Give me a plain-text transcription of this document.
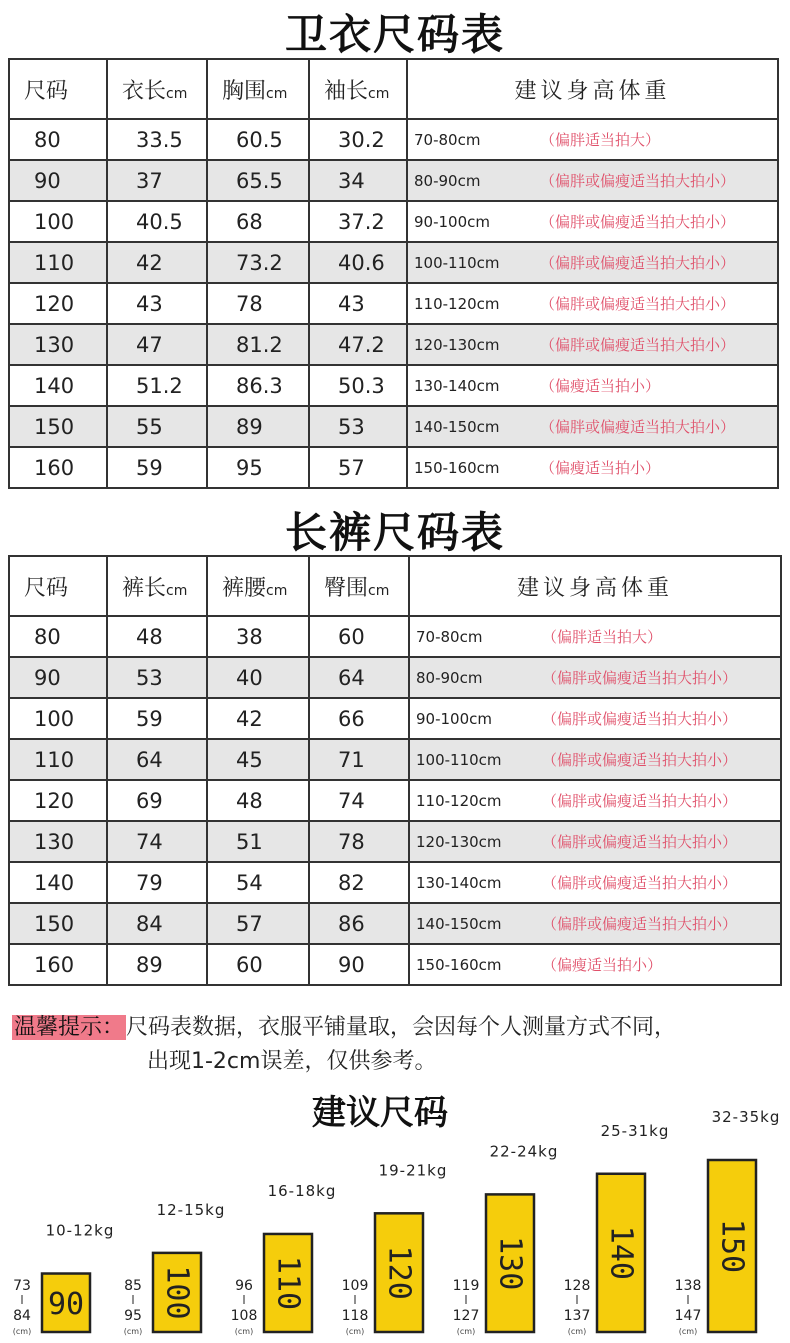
卫衣尺码表
尺码	衣长cm	胸围cm	袖长cm	建议身高体重
80	33.5	60.5	30.2	70-80cm （偏胖适当拍大）
90	37	65.5	34	80-90cm （偏胖或偏瘦适当拍大拍小）
100	40.5	68	37.2	90-100cm （偏胖或偏瘦适当拍大拍小）
110	42	73.2	40.6	100-110cm （偏胖或偏瘦适当拍大拍小）
120	43	78	43	110-120cm （偏胖或偏瘦适当拍大拍小）
130	47	81.2	47.2	120-130cm （偏胖或偏瘦适当拍大拍小）
140	51.2	86.3	50.3	130-140cm （偏瘦适当拍小）
150	55	89	53	140-150cm （偏胖或偏瘦适当拍大拍小）
160	59	95	57	150-160cm （偏瘦适当拍小）
长裤尺码表
尺码	裤长cm	裤腰cm	臀围cm	建议身高体重
80	48	38	60	70-80cm （偏胖适当拍大）
90	53	40	64	80-90cm （偏胖或偏瘦适当拍大拍小）
100	59	42	66	90-100cm （偏胖或偏瘦适当拍大拍小）
110	64	45	71	100-110cm （偏胖或偏瘦适当拍大拍小）
120	69	48	74	110-120cm （偏胖或偏瘦适当拍大拍小）
130	74	51	78	120-130cm （偏胖或偏瘦适当拍大拍小）
140	79	54	82	130-140cm （偏胖或偏瘦适当拍大拍小）
150	84	57	86	140-150cm （偏胖或偏瘦适当拍大拍小）
160	89	60	90	150-160cm （偏瘦适当拍小）
温馨提示：尺码表数据，衣服平铺量取，会因每个人测量方式不同，
出现1-2cm误差，仅供参考。
建议尺码
90
10-12kg
73
84
(cm)
100
12-15kg
85
95
(cm)
110
16-18kg
96
108
(cm)
120
19-21kg
109
118
(cm)
130
22-24kg
119
127
(cm)
140
25-31kg
128
137
(cm)
150
32-35kg
138
147
(cm)
